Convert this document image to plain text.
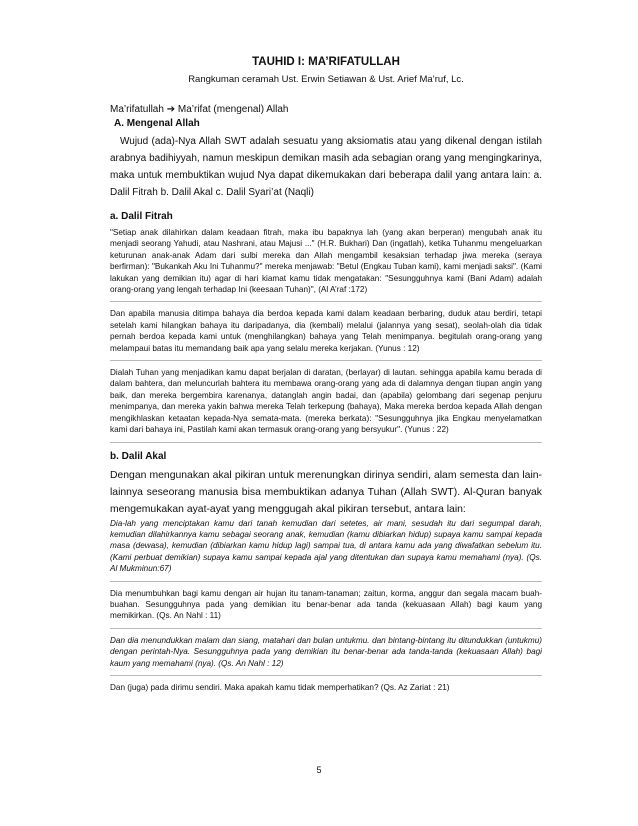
TAUHID I: MA’RIFATULLAH

Rangkuman ceramah Ust. Erwin Setiawan & Ust. Arief Ma’ruf, Lc.

Ma’rifatullah ➔ Ma’rifat (mengenal) Allah

A. Mengenal Allah

Wujud (ada)-Nya Allah SWT adalah sesuatu yang aksiomatis atau yang dikenal dengan istilah arabnya badihiyyah, namun meskipun demikan masih ada sebagian orang yang mengingkarinya, maka untuk membuktikan wujud Nya dapat dikemukakan dari beberapa dalil yang antara lain: a. Dalil Fitrah b. Dalil Akal c. Dalil Syari’at (Naqli)

a. Dalil Fitrah

"Setiap anak dilahirkan dalam keadaan fitrah, maka ibu bapaknya lah (yang akan berperan) mengubah anak itu menjadi seorang Yahudi, atau Nashrani, atau Majusi ..." (H.R. Bukhari) Dan (ingatlah), ketika Tuhanmu mengeluarkan keturunan anak-anak Adam dari sulbi mereka dan Allah mengambil kesaksian terhadap jiwa mereka (seraya berfirman): "Bukankah Aku Ini Tuhanmu?" mereka menjawab: "Betul (Engkau Tuban kami), kami menjadi saksi". (Kami lakukan yang demikian itu) agar di hari kiamat kamu tidak mengatakan: "Sesungguhnya kami (Bani Adam) adalah orang-orang yang lengah terhadap Ini (keesaan Tuhan)", (Al A’raf :172)

Dan apabila manusia ditimpa bahaya dia berdoa kepada kami dalam keadaan berbaring, duduk atau berdiri, tetapi setelah kami hilangkan bahaya itu daripadanya, dia (kembali) melalui (jalannya yang sesat), seolah-olah dia tidak pernah berdoa kepada kami untuk (menghilangkan) bahaya yang Telah menimpanya. begitulah orang-orang yang melampaui batas itu memandang baik apa yang selalu mereka kerjakan. (Yunus : 12)

Dialah Tuhan yang menjadikan kamu dapat berjalan di daratan, (berlayar) di lautan. sehingga apabila kamu berada di dalam bahtera, dan meluncurlah bahtera itu membawa orang-orang yang ada di dalamnya dengan tiupan angin yang baik, dan mereka bergembira karenanya, datanglah angin badai, dan (apabila) gelombang dari segenap penjuru menimpanya, dan mereka yakin bahwa mereka Telah terkepung (bahaya), Maka mereka berdoa kepada Allah dengan mengikhlaskan ketaatan kepada-Nya semata-mata. (mereka berkata): "Sesungguhnya jika Engkau menyelamatkan kami dari bahaya ini, Pastilah kami akan termasuk orang-orang yang bersyukur". (Yunus : 22)

b. Dalil Akal

Dengan mengunakan akal pikiran untuk merenungkan dirinya sendiri, alam semesta dan lain-lainnya seseorang manusia bisa membuktikan adanya Tuhan (Allah SWT). Al-Quran banyak mengemukakan ayat-ayat yang menggugah akal pikiran tersebut, antara lain:

Dia-lah yang menciptakan kamu dari tanah kemudian dari setetes, air mani, sesudah itu dari segumpal darah, kemudian dilahirkannya kamu sebagai seorang anak, kemudian (kamu dibiarkan hidup) supaya kamu sampai kepada masa (dewasa), kemudian (dibiarkan kamu hidup lagi) sampai tua, di antara kamu ada yang diwafatkan sebelum itu. (Kami perbuat demikian) supaya kamu sampai kepada ajal yang ditentukan dan supaya kamu memahami (nya). (Qs. Al Mukminun:67)

Dia menumbuhkan bagi kamu dengan air hujan itu tanam-tanaman; zaitun, korma, anggur dan segala macam buah-buahan. Sesungguhnya pada yang demikian itu benar-benar ada tanda (kekuasaan Allah) bagi kaum yang memikirkan. (Qs. An Nahl : 11)

Dan dia menundukkan malam dan siang, matahari dan bulan untukmu. dan bintang-bintang itu ditundukkan (untukmu) dengan perintah-Nya. Sesungguhnya pada yang demikian itu benar-benar ada tanda-tanda (kekuasaan Allah) bagi kaum yang memahami (nya). (Qs. An Nahl : 12)

Dan (juga) pada dirimu sendiri. Maka apakah kamu tidak memperhatikan? (Qs. Az Zariat : 21)

5
